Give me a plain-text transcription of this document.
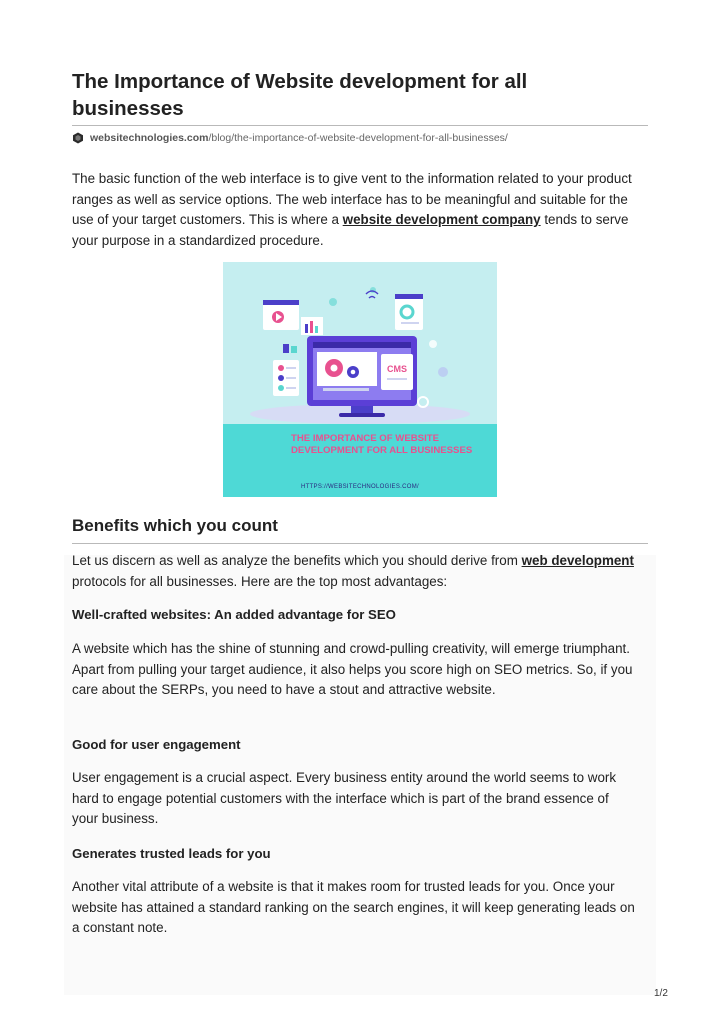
The Importance of Website development for all businesses
websitechnologies.com /blog/the-importance-of-website-development-for-all-businesses/

The basic function of the web interface is to give vent to the information related to your product ranges as well as service options. The web interface has to be meaningful and suitable for the use of your target customers. This is where a website development company tends to serve your purpose in a standardized procedure.

CMS
THE IMPORTANCE OF WEBSITE DEVELOPMENT FOR ALL BUSINESSES
HTTPS://WEBSITECHNOLOGIES.COM/
Benefits which you count

Let us discern as well as analyze the benefits which you should derive from web development protocols for all businesses. Here are the top most advantages:

Well-crafted websites: An added advantage for SEO

A website which has the shine of stunning and crowd-pulling creativity, will emerge triumphant. Apart from pulling your target audience, it also helps you score high on SEO metrics. So, if you care about the SERPs, you need to have a stout and attractive website.

Good for user engagement

User engagement is a crucial aspect. Every business entity around the world seems to work hard to engage potential customers with the interface which is part of the brand essence of your business.

Generates trusted leads for you

Another vital attribute of a website is that it makes room for trusted leads for you. Once your website has attained a standard ranking on the search engines, it will keep generating leads on a constant note.

1/2
